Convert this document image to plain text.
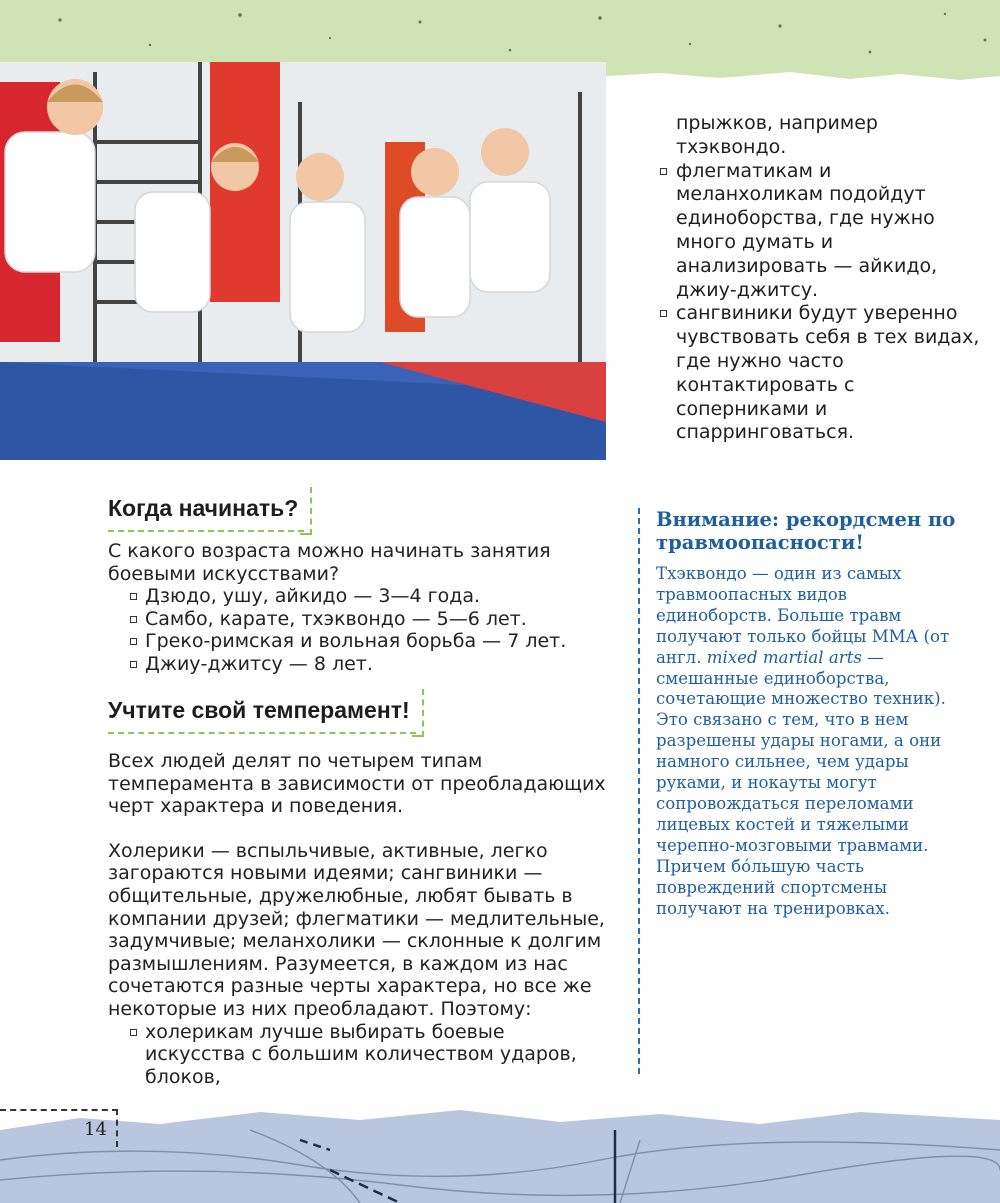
прыжков, например тхэквондо.
флегматикам и меланхоликам подойдут единоборства, где нужно много думать и анализировать — айкидо, джиу-джитсу.
сангвиники будут уверенно чувствовать себя в тех видах, где нужно часто контактировать с соперниками и спарринговаться.
Когда начинать?
С какого возраста можно начинать занятия боевыми искусствами?
Дзюдо, ушу, айкидо — 3—4 года.
Самбо, карате, тхэквондо — 5—6 лет.
Греко-римская и вольная борьба — 7 лет.
Джиу-джитсу — 8 лет.
Учтите свой темперамент!
Всех людей делят по четырем типам темперамента в зависимости от преобладающих черт характера и поведения.
Холерики — вспыльчивые, активные, легко загораются новыми идеями; сангвиники — общительные, дружелюбные, любят бывать в компании друзей; флегматики — медлительные, задумчивые; меланхолики — склонные к долгим размышлениям. Разумеется, в каждом из нас сочетаются разные черты характера, но все же некоторые из них преобладают. Поэтому:
холерикам лучше выбирать боевые искусства с большим количеством ударов, блоков,
Внимание: рекордсмен по травмоопасности!
Тхэквондо — один из самых травмоопасных видов единоборств. Больше травм получают только бойцы ММА (от англ. mixed martial arts — смешанные единоборства, сочетающие множество техник). Это связано с тем, что в нем разрешены удары ногами, а они намного сильнее, чем удары руками, и нокауты могут сопровождаться переломами лицевых костей и тяжелыми черепно-мозговыми травмами. Причем бо́льшую часть повреждений спортсмены получают на тренировках.
14
